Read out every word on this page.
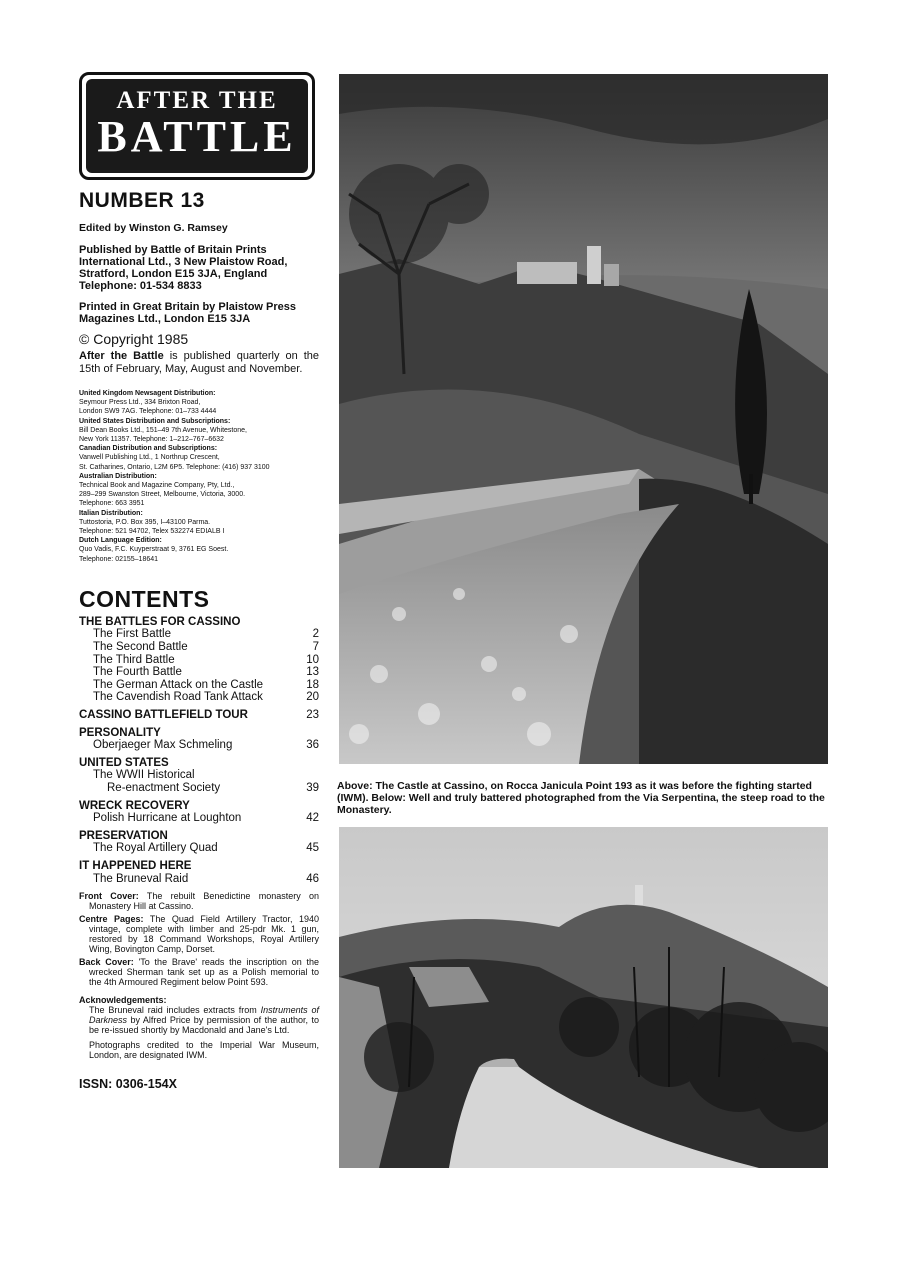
AFTER THE
BATTLE
NUMBER 13
Edited by Winston G. Ramsey
Published by Battle of Britain Prints International Ltd., 3 New Plaistow Road, Stratford, London E15 3JA, England Telephone: 01-534 8833
Printed in Great Britain by Plaistow Press Magazines Ltd., London E15 3JA
© Copyright 1985
After the Battle is published quarterly on the 15th of February, May, August and November.
United Kingdom Newsagent Distribution:
Seymour Press Ltd., 334 Brixton Road,
London SW9 7AG. Telephone: 01–733 4444
United States Distribution and Subscriptions:
Bill Dean Books Ltd., 151–49 7th Avenue, Whitestone,
New York 11357. Telephone: 1–212–767–6632
Canadian Distribution and Subscriptions:
Vanwell Publishing Ltd., 1 Northrup Crescent,
St. Catharines, Ontario, L2M 6P5. Telephone: (416) 937 3100
Australian Distribution:
Technical Book and Magazine Company, Pty, Ltd.,
289–299 Swanston Street, Melbourne, Victoria, 3000.
Telephone: 663 3951
Italian Distribution:
Tuttostoria, P.O. Box 395, I–43100 Parma.
Telephone: 521 94702, Telex 532274 EDIALB I
Dutch Language Edition:
Quo Vadis, F.C. Kuyperstraat 9, 3761 EG Soest.
Telephone: 02155–18641
CONTENTS
THE BATTLES FOR CASSINO
The First Battle	2
The Second Battle	7
The Third Battle	10
The Fourth Battle	13
The German Attack on the Castle	18
The Cavendish Road Tank Attack	20
CASSINO BATTLEFIELD TOUR	23
PERSONALITY
Oberjaeger Max Schmeling	36
UNITED STATES
The WWII Historical
Re-enactment Society	39
WRECK RECOVERY
Polish Hurricane at Loughton	42
PRESERVATION
The Royal Artillery Quad	45
IT HAPPENED HERE
The Bruneval Raid	46
Front Cover: The rebuilt Benedictine monastery on Monastery Hill at Cassino.
Centre Pages: The Quad Field Artillery Tractor, 1940 vintage, complete with limber and 25-pdr Mk. 1 gun, restored by 18 Command Workshops, Royal Artillery Wing, Bovington Camp, Dorset.
Back Cover: 'To the Brave' reads the inscription on the wrecked Sherman tank set up as a Polish memorial to the 4th Armoured Regiment below Point 593.
Acknowledgements:
The Bruneval raid includes extracts from Instruments of Darkness by Alfred Price by permission of the author, to be re-issued shortly by Macdonald and Jane's Ltd.
Photographs credited to the Imperial War Museum, London, are designated IWM.
ISSN: 0306-154X
Above: The Castle at Cassino, on Rocca Janicula Point 193 as it was before the fighting started (IWM). Below: Well and truly battered photographed from the Via Serpentina, the steep road to the Monastery.
